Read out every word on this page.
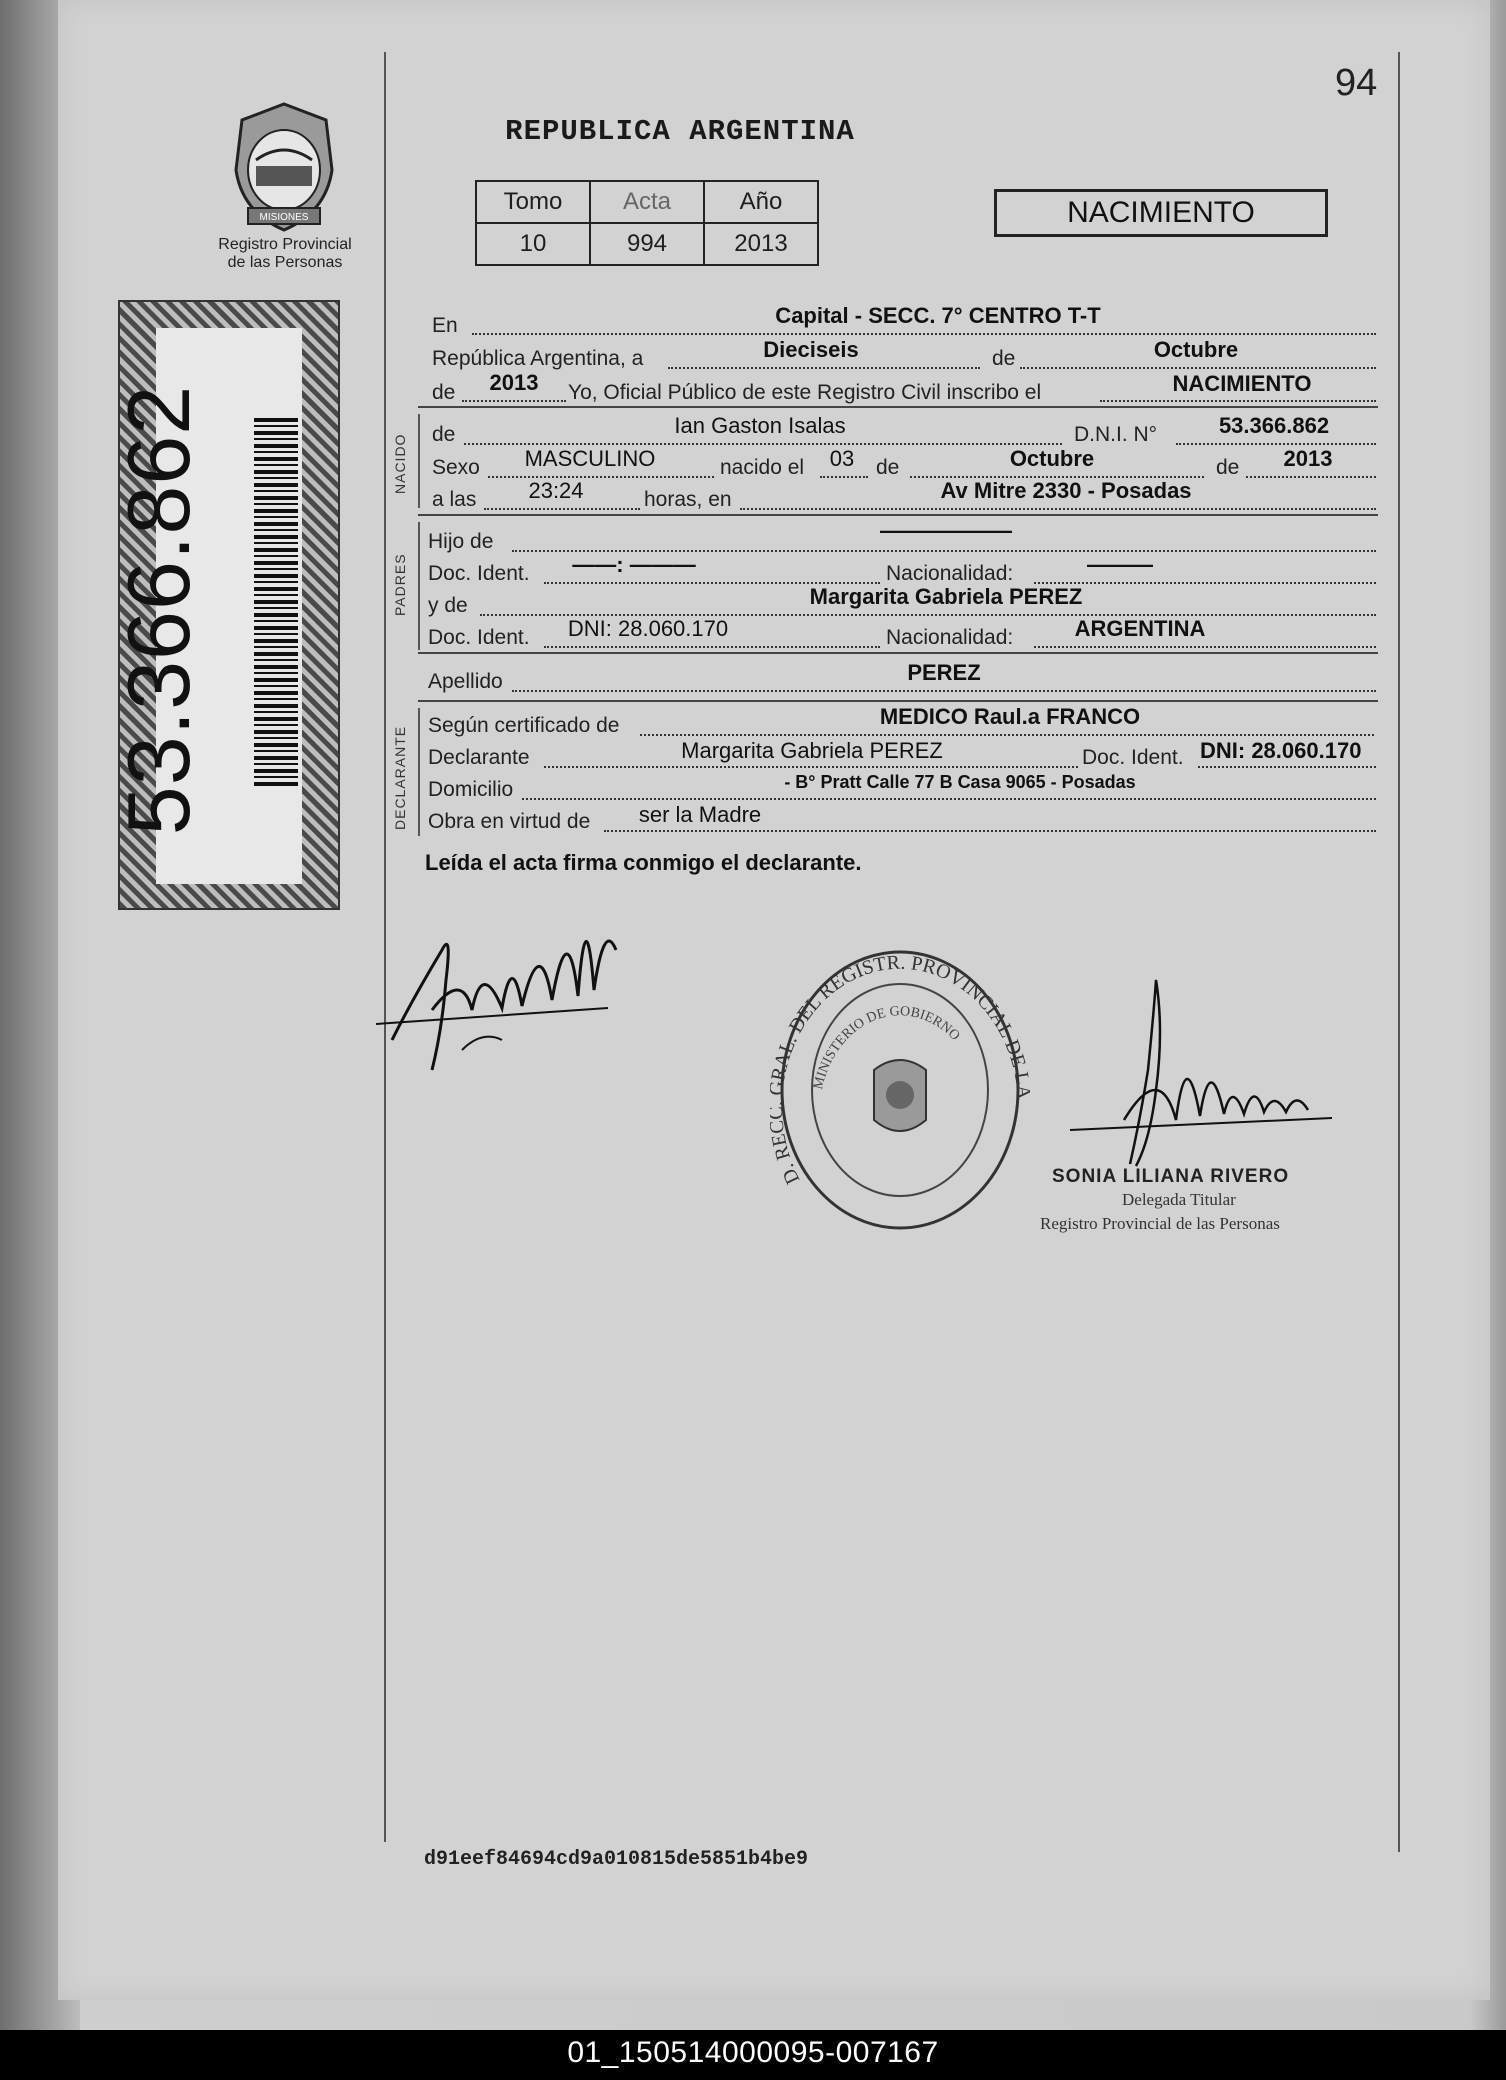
94
MISIONES
Registro Provincial
de las Personas
53.366.862
REPUBLICA ARGENTINA
Tomo	Acta	Año
10	994	2013
NACIMIENTO
En	Capital - SECC. 7° CENTRO T-T
República Argentina, a	Dieciseis	de	Octubre
de 2013 Yo, Oficial Público de este Registro Civil inscribo el	NACIMIENTO
NACIDO de	Ian Gaston Isalas	D.N.I. N°	53.366.862
Sexo MASCULINO	nacido el 03 de	Octubre	de 2013
a las 23:24	horas, en	Av Mitre 2330 - Posadas
PADRES
Hijo de	——————
Doc. Ident. ——: ———	Nacionalidad:	———
y de	Margarita Gabriela PEREZ
Doc. Ident. DNI: 28.060.170	Nacionalidad:	ARGENTINA
Apellido	PEREZ
DECLARANTE
Según certificado de	MEDICO Raul.a FRANCO
Declarante	Margarita Gabriela PEREZ	Doc. Ident. DNI: 28.060.170
Domicilio	- B° Pratt Calle 77 B Casa 9065 - Posadas
Obra en virtud de ser la Madre
Leída el acta firma conmigo el declarante.
D. R AL. DEL REGISTR. PROVINCIAL DE
MINISTERIO DE GOBIERNO
SONIA LILIANA RIVERO
Delegada Titular
Registro Provincial de las Personas
d91eef84694cd9a010815de5851b4be9
01_150514000095-007167
